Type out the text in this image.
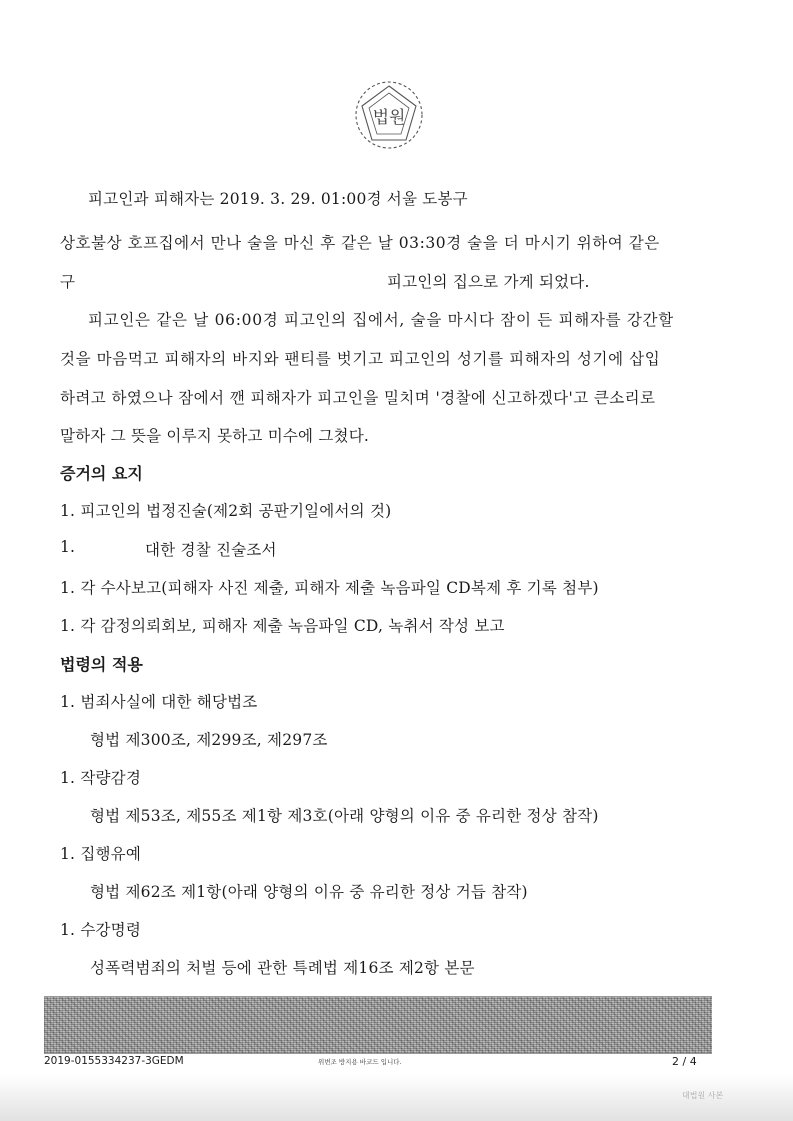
법원
피고인과 피해자는 2019. 3. 29. 01:00경 서울 도봉구
상호불상 호프집에서 만나 술을 마신 후 같은 날 03:30경 술을 더 마시기 위하여 같은
구	피고인의 집으로 가게 되었다.
피고인은 같은 날 06:00경 피고인의 집에서, 술을 마시다 잠이 든 피해자를 강간할
것을 마음먹고 피해자의 바지와 팬티를 벗기고 피고인의 성기를 피해자의 성기에 삽입
하려고 하였으나 잠에서 깬 피해자가 피고인을 밀치며 '경찰에 신고하겠다'고 큰소리로
말하자 그 뜻을 이루지 못하고 미수에 그쳤다.
증거의 요지
1. 피고인의 법정진술(제2회 공판기일에서의 것)
1.	대한 경찰 진술조서
1. 각 수사보고(피해자 사진 제출, 피해자 제출 녹음파일 CD복제 후 기록 첨부)
1. 각 감정의뢰회보, 피해자 제출 녹음파일 CD, 녹취서 작성 보고
법령의 적용
1. 범죄사실에 대한 해당법조
형법 제300조, 제299조, 제297조
1. 작량감경
형법 제53조, 제55조 제1항 제3호(아래 양형의 이유 중 유리한 정상 참작)
1. 집행유예
형법 제62조 제1항(아래 양형의 이유 중 유리한 정상 거듭 참작)
1. 수강명령
성폭력범죄의 처벌 등에 관한 특례법 제16조 제2항 본문
2019-0155334237-3GEDM	위변조 방지용 바코드 입니다.	2 / 4
대법원 사본
